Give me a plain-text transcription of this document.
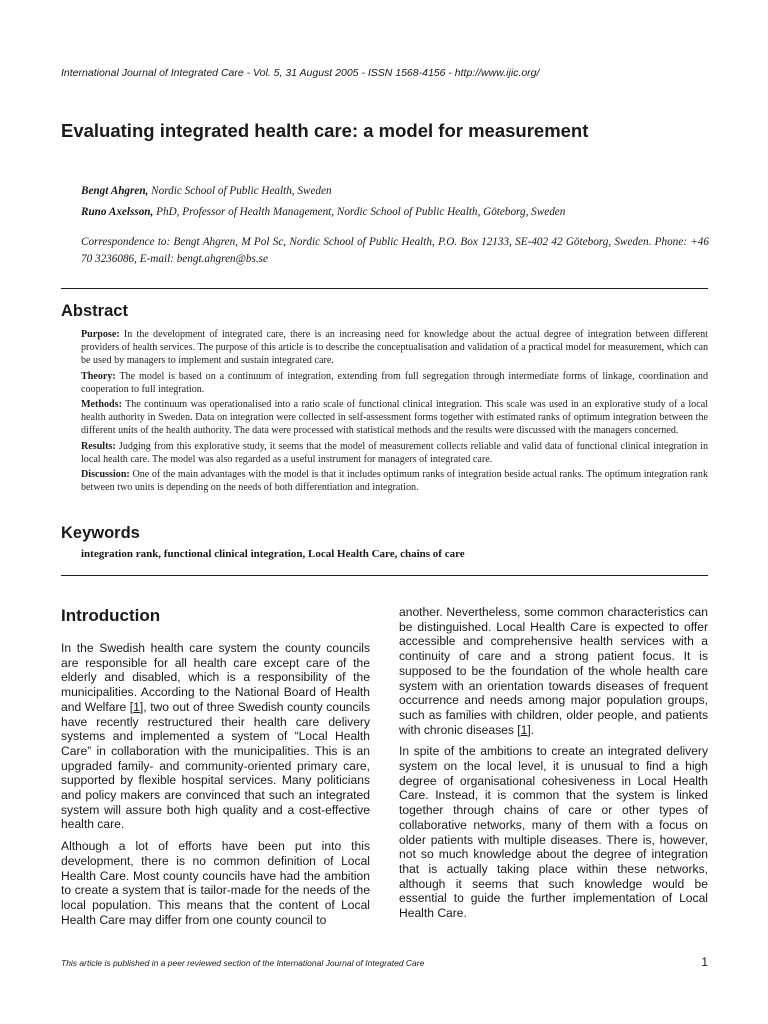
International Journal of Integrated Care - Vol. 5, 31 August 2005 - ISSN 1568-4156 - http://www.ijic.org/
Evaluating integrated health care: a model for measurement
Bengt Ahgren, Nordic School of Public Health, Sweden
Runo Axelsson, PhD, Professor of Health Management, Nordic School of Public Health, Göteborg, Sweden
Correspondence to: Bengt Ahgren, M Pol Sc, Nordic School of Public Health, P.O. Box 12133, SE-402 42 Göteborg, Sweden. Phone: +46 70 3236086, E-mail: bengt.ahgren@bs.se
Abstract

Purpose: In the development of integrated care, there is an increasing need for knowledge about the actual degree of integration between different providers of health services. The purpose of this article is to describe the conceptualisation and validation of a practical model for measurement, which can be used by managers to implement and sustain integrated care.

Theory: The model is based on a continuum of integration, extending from full segregation through intermediate forms of linkage, coordination and cooperation to full integration.

Methods: The continuum was operationalised into a ratio scale of functional clinical integration. This scale was used in an explorative study of a local health authority in Sweden. Data on integration were collected in self-assessment forms together with estimated ranks of optimum integration between the different units of the health authority. The data were processed with statistical methods and the results were discussed with the managers concerned.

Results: Judging from this explorative study, it seems that the model of measurement collects reliable and valid data of functional clinical integration in local health care. The model was also regarded as a useful instrument for managers of integrated care.

Discussion: One of the main advantages with the model is that it includes optimum ranks of integration beside actual ranks. The optimum integration rank between two units is depending on the needs of both differentiation and integration.

Keywords
integration rank, functional clinical integration, Local Health Care, chains of care
Introduction

In the Swedish health care system the county councils are responsible for all health care except care of the elderly and disabled, which is a responsibility of the municipalities. According to the National Board of Health and Welfare [1], two out of three Swedish county councils have recently restructured their health care delivery systems and implemented a system of “Local Health Care” in collaboration with the municipalities. This is an upgraded family- and community-oriented primary care, supported by flexible hospital services. Many politicians and policy makers are convinced that such an integrated system will assure both high quality and a cost-effective health care.

Although a lot of efforts have been put into this development, there is no common definition of Local Health Care. Most county councils have had the ambition to create a system that is tailor-made for the needs of the local population. This means that the content of Local Health Care may differ from one county council to

another. Nevertheless, some common characteristics can be distinguished. Local Health Care is expected to offer accessible and comprehensive health services with a continuity of care and a strong patient focus. It is supposed to be the foundation of the whole health care system with an orientation towards diseases of frequent occurrence and needs among major population groups, such as families with children, older people, and patients with chronic diseases [1].

In spite of the ambitions to create an integrated delivery system on the local level, it is unusual to find a high degree of organisational cohesiveness in Local Health Care. Instead, it is common that the system is linked together through chains of care or other types of collaborative networks, many of them with a focus on older patients with multiple diseases. There is, however, not so much knowledge about the degree of integration that is actually taking place within these networks, although it seems that such knowledge would be essential to guide the further implementation of Local Health Care.

This article is published in a peer reviewed section of the International Journal of Integrated Care	1
